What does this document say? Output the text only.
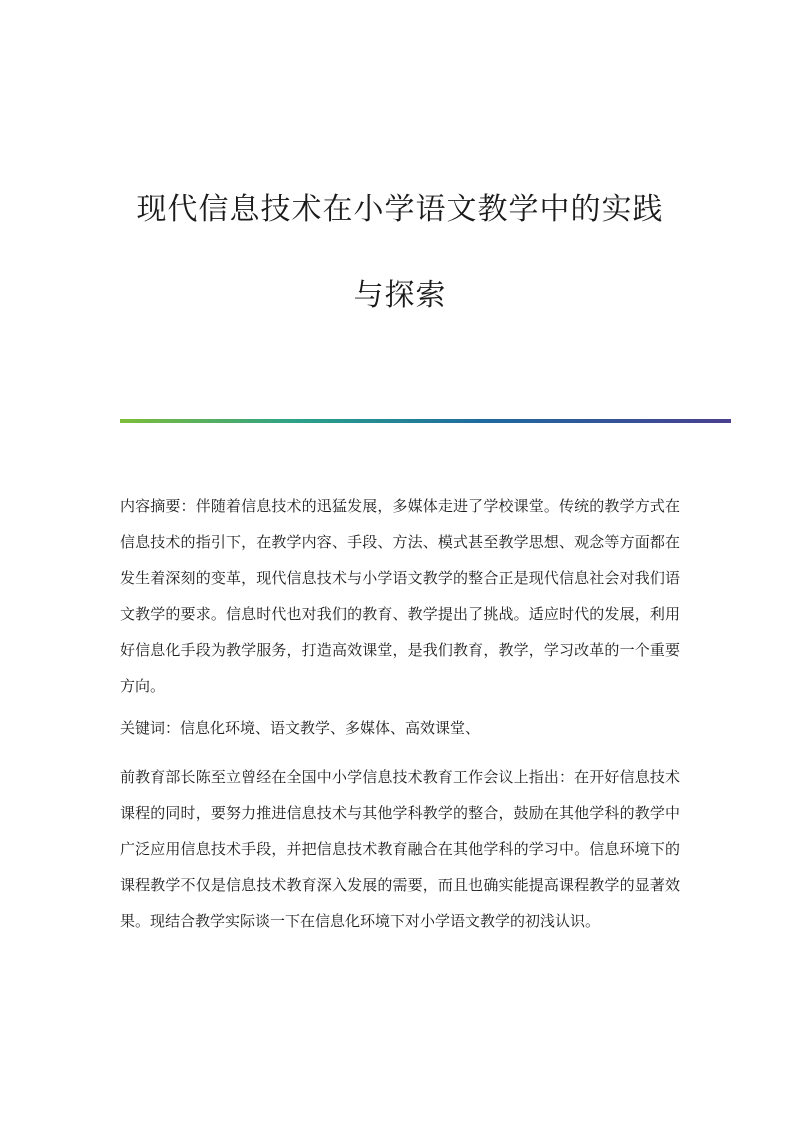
现代信息技术在小学语文教学中的实践
与探索

内容摘要：伴随着信息技术的迅猛发展，多媒体走进了学校课堂。传统的教学方式在信息技术的指引下，在教学内容、手段、方法、模式甚至教学思想、观念等方面都在发生着深刻的变革，现代信息技术与小学语文教学的整合正是现代信息社会对我们语文教学的要求。信息时代也对我们的教育、教学提出了挑战。适应时代的发展，利用好信息化手段为教学服务，打造高效课堂，是我们教育，教学，学习改革的一个重要方向。

关键词：信息化环境、语文教学、多媒体、高效课堂、

前教育部长陈至立曾经在全国中小学信息技术教育工作会议上指出：在开好信息技术课程的同时，要努力推进信息技术与其他学科教学的整合，鼓励在其他学科的教学中广泛应用信息技术手段，并把信息技术教育融合在其他学科的学习中。信息环境下的课程教学不仅是信息技术教育深入发展的需要，而且也确实能提高课程教学的显著效果。现结合教学实际谈一下在信息化环境下对小学语文教学的初浅认识。
